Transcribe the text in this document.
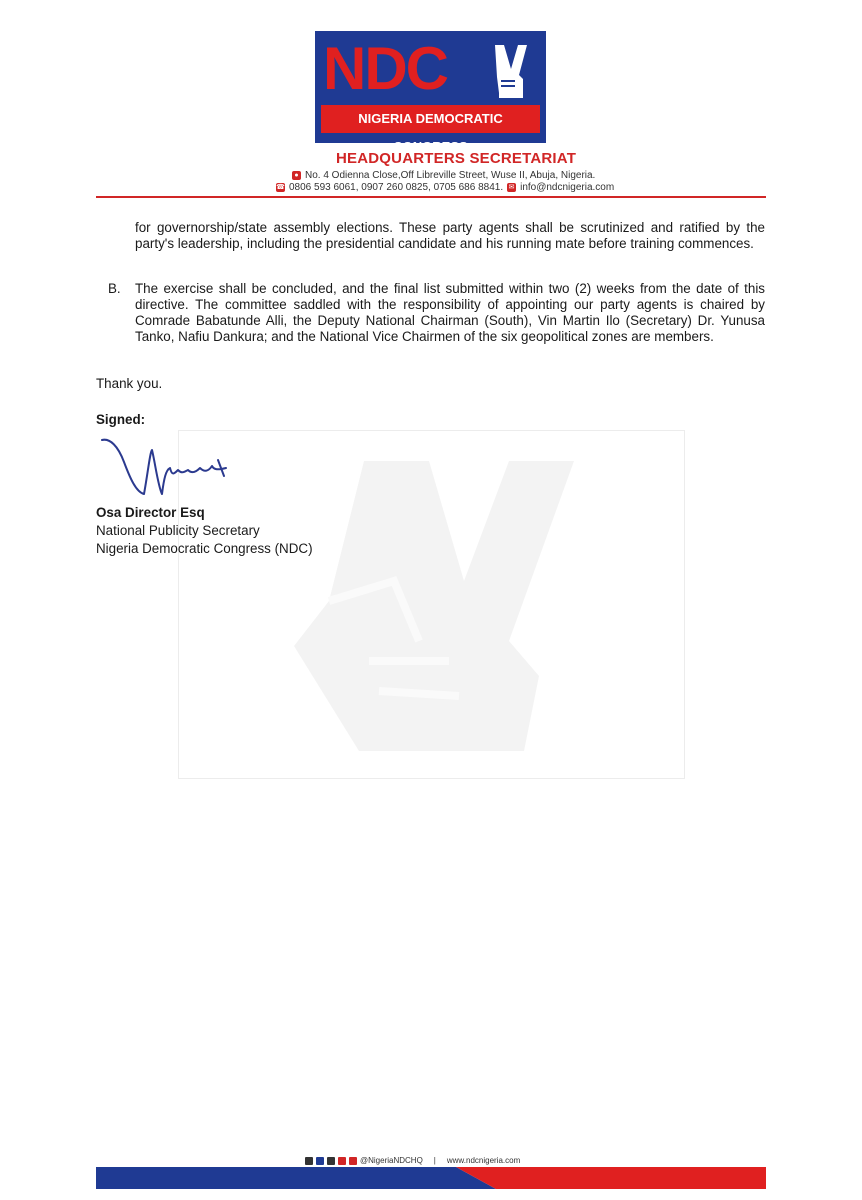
NDC
NIGERIA DEMOCRATIC CONGRESS
HEADQUARTERS SECRETARIAT
● No. 4 Odienna Close,Off Libreville Street, Wuse II, Abuja, Nigeria.
☎ 0806 593 6061, 0907 260 0825, 0705 686 8841. ✉ info@ndcnigeria.com
for governorship/state assembly elections. These party agents shall be scrutinized and ratified by the party's leadership, including the presidential candidate and his running mate before training commences.
B. The exercise shall be concluded, and the final list submitted within two (2) weeks from the date of this directive. The committee saddled with the responsibility of appointing our party agents is chaired by Comrade Babatunde Alli, the Deputy National Chairman (South), Vin Martin Ilo (Secretary) Dr. Yunusa Tanko, Nafiu Dankura; and the National Vice Chairmen of the six geopolitical zones are members.
Thank you.
Signed:
Osa Director Esq
National Publicity Secretary
Nigeria Democratic Congress (NDC)
@NigeriaNDCHQ | www.ndcnigeria.com
